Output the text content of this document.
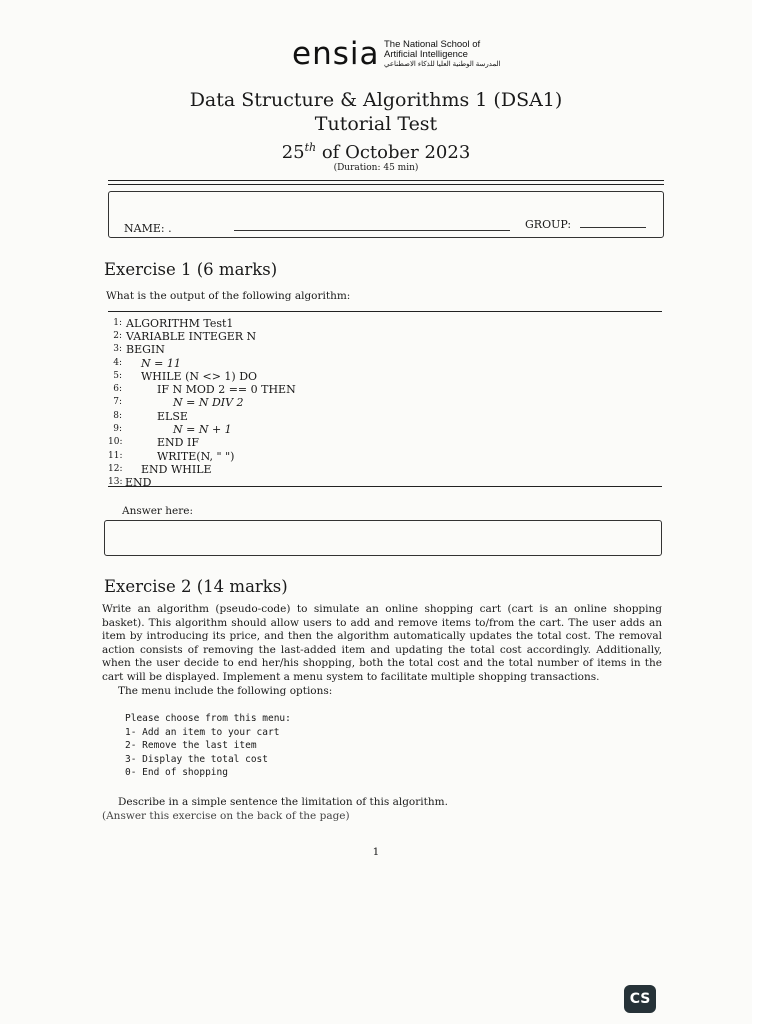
ensia The National School of
Artificial Intelligence
المدرسة الوطنية العليا للذكاء الاصطناعي
Data Structure & Algorithms 1 (DSA1)
Tutorial Test
25th of October 2023
(Duration: 45 min)
NAME: .	GROUP:
Exercise 1 (6 marks)
What is the output of the following algorithm:
1: ALGORITHM Test1
2: VARIABLE INTEGER N
3: BEGIN
4: N = 11
5: WHILE (N <> 1) DO
6:	IF N MOD 2 == 0 THEN
7:	N = N DIV 2
8:	ELSE
9:	N = N + 1
10:	END IF
11:	WRITE(N, " ")
12: END WHILE
13: END
Answer here:
Exercise 2 (14 marks)
Write an algorithm (pseudo-code) to simulate an online shopping cart (cart is an online shopping basket). This algorithm should allow users to add and remove items to/from the cart. The user adds an item by introducing its price, and then the algorithm automatically updates the total cost. The removal action consists of removing the last-added item and updating the total cost accordingly. Additionally, when the user decide to end her/his shopping, both the total cost and the total number of items in the cart will be displayed. Implement a menu system to facilitate multiple shopping transactions.
The menu include the following options:
Please choose from this menu:
1- Add an item to your cart
2- Remove the last item
3- Display the total cost
0- End of shopping
Describe in a simple sentence the limitation of this algorithm.
(Answer this exercise on the back of the page)
1
CS
